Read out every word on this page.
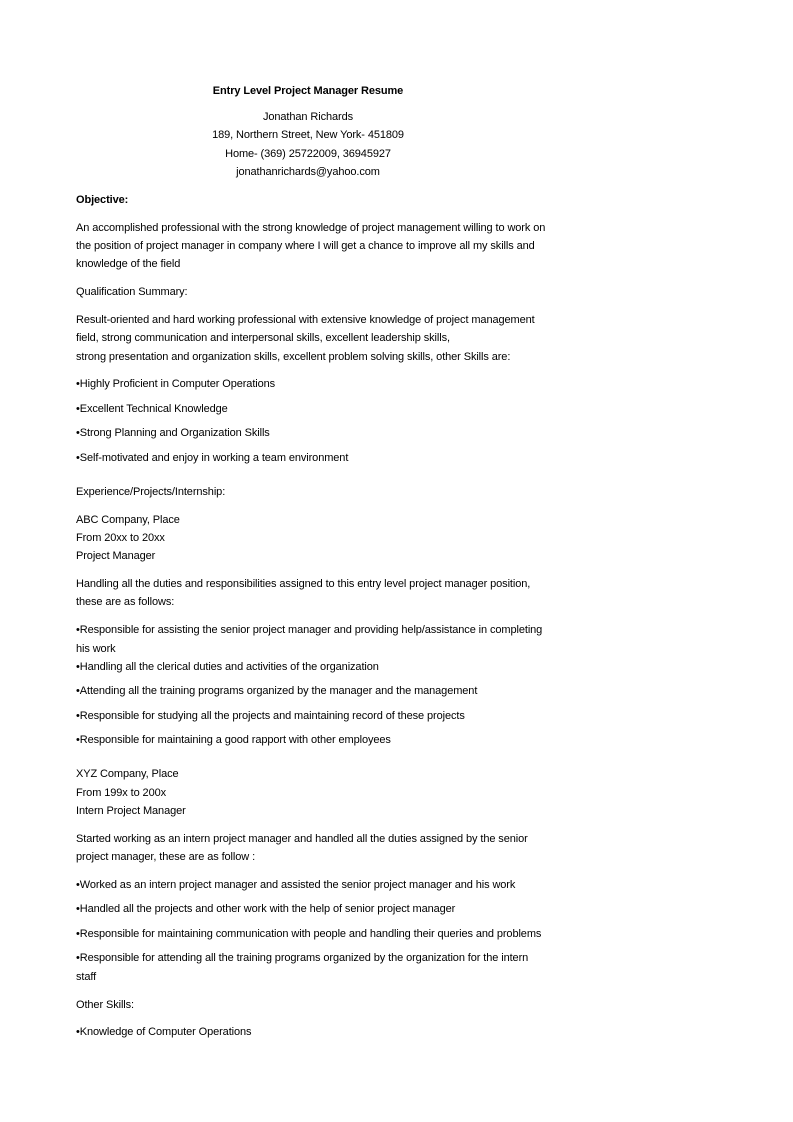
Entry Level Project Manager Resume
Jonathan Richards
189, Northern Street, New York- 451809
Home- (369) 25722009, 36945927
jonathanrichards@yahoo.com
Objective:
An accomplished professional with the strong knowledge of project management willing to work on
the position of project manager in company where I will get a chance to improve all my skills and
knowledge of the field
Qualification Summary:
Result-oriented and hard working professional with extensive knowledge of project management
field, strong communication and interpersonal skills, excellent leadership skills,
strong presentation and organization skills, excellent problem solving skills, other Skills are:
•Highly Proficient in Computer Operations
•Excellent Technical Knowledge
•Strong Planning and Organization Skills
•Self-motivated and enjoy in working a team environment
Experience/Projects/Internship:
ABC Company, Place
From 20xx to 20xx
Project Manager
Handling all the duties and responsibilities assigned to this entry level project manager position,
these are as follows:
•Responsible for assisting the senior project manager and providing help/assistance in completing
his work
•Handling all the clerical duties and activities of the organization
•Attending all the training programs organized by the manager and the management
•Responsible for studying all the projects and maintaining record of these projects
•Responsible for maintaining a good rapport with other employees
XYZ Company, Place
From 199x to 200x
Intern Project Manager
Started working as an intern project manager and handled all the duties assigned by the senior
project manager, these are as follow :
•Worked as an intern project manager and assisted the senior project manager and his work
•Handled all the projects and other work with the help of senior project manager
•Responsible for maintaining communication with people and handling their queries and problems
•Responsible for attending all the training programs organized by the organization for the intern
staff
Other Skills:
•Knowledge of Computer Operations
